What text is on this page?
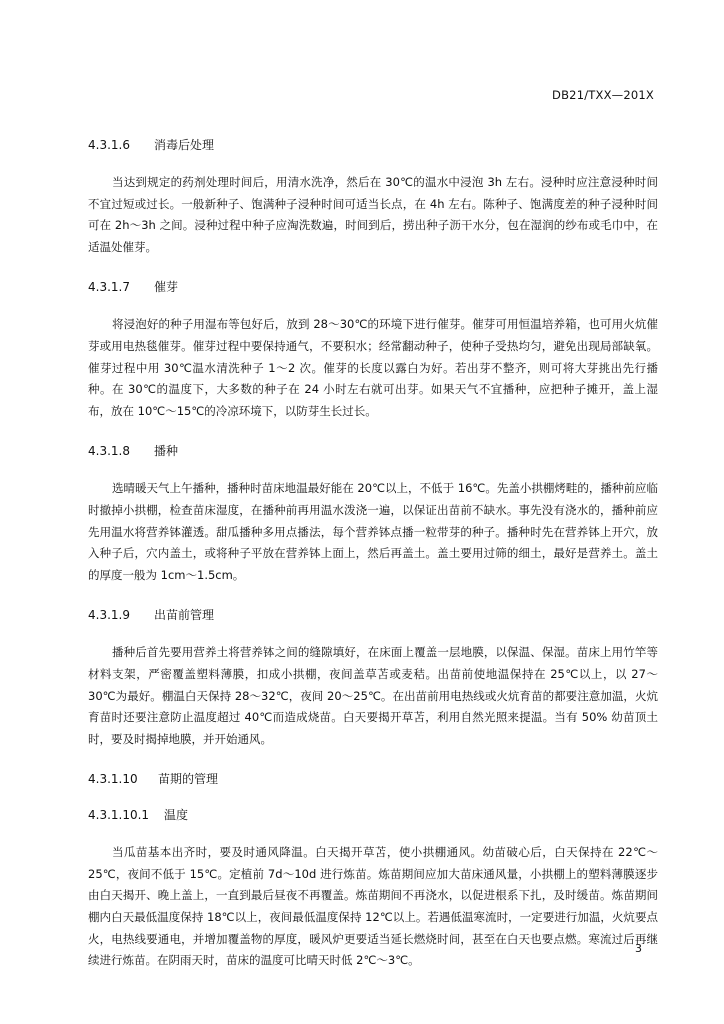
DB21/TXX—201X
4.3.1.6 消毒后处理

当达到规定的药剂处理时间后，用清水洗净，然后在 30℃的温水中浸泡 3h 左右。浸种时应注意浸种时间不宜过短或过长。一般新种子、饱满种子浸种时间可适当长点，在 4h 左右。陈种子、饱满度差的种子浸种时间可在 2h～3h 之间。浸种过程中种子应淘洗数遍，时间到后，捞出种子沥干水分，包在湿润的纱布或毛巾中，在适温处催芽。

4.3.1.7 催芽

将浸泡好的种子用湿布等包好后，放到 28～30℃的环境下进行催芽。催芽可用恒温培养箱，也可用火炕催芽或用电热毯催芽。催芽过程中要保持通气，不要积水；经常翻动种子，使种子受热均匀，避免出现局部缺氧。催芽过程中用 30℃温水清洗种子 1～2 次。催芽的长度以露白为好。若出芽不整齐，则可将大芽挑出先行播种。在 30℃的温度下，大多数的种子在 24 小时左右就可出芽。如果天气不宜播种，应把种子摊开，盖上湿布，放在 10℃～15℃的冷凉环境下，以防芽生长过长。

4.3.1.8 播种

选晴暖天气上午播种，播种时苗床地温最好能在 20℃以上，不低于 16℃。先盖小拱棚烤畦的，播种前应临时撤掉小拱棚，检查苗床湿度，在播种前再用温水泼浇一遍，以保证出苗前不缺水。事先没有浇水的，播种前应先用温水将营养钵灌透。甜瓜播种多用点播法，每个营养钵点播一粒带芽的种子。播种时先在营养钵上开穴，放入种子后，穴内盖土，或将种子平放在营养钵上面上，然后再盖土。盖土要用过筛的细土，最好是营养土。盖土的厚度一般为 1cm～1.5cm。

4.3.1.9 出苗前管理

播种后首先要用营养土将营养钵之间的缝隙填好，在床面上覆盖一层地膜，以保温、保湿。苗床上用竹竿等材料支架，严密覆盖塑料薄膜，扣成小拱棚，夜间盖草苫或麦秸。出苗前使地温保持在 25℃以上，以 27～30℃为最好。棚温白天保持 28～32℃，夜间 20～25℃。在出苗前用电热线或火炕育苗的都要注意加温，火炕育苗时还要注意防止温度超过 40℃而造成烧苗。白天要揭开草苫，利用自然光照来提温。当有 50% 幼苗顶土时，要及时揭掉地膜，并开始通风。

4.3.1.10 苗期的管理
4.3.1.10.1 温度

当瓜苗基本出齐时，要及时通风降温。白天揭开草苫，使小拱棚通风。幼苗破心后，白天保持在 22℃～25℃，夜间不低于 15℃。定植前 7d～10d 进行炼苗。炼苗期间应加大苗床通风量，小拱棚上的塑料薄膜逐步由白天揭开、晚上盖上，一直到最后昼夜不再覆盖。炼苗期间不再浇水，以促进根系下扎，及时缓苗。炼苗期间棚内白天最低温度保持 18℃以上，夜间最低温度保持 12℃以上。若遇低温寒流时，一定要进行加温，火炕要点火，电热线要通电，并增加覆盖物的厚度，暖风炉更要适当延长燃烧时间，甚至在白天也要点燃。寒流过后再继续进行炼苗。在阴雨天时，苗床的温度可比晴天时低 2℃～3℃。

3
